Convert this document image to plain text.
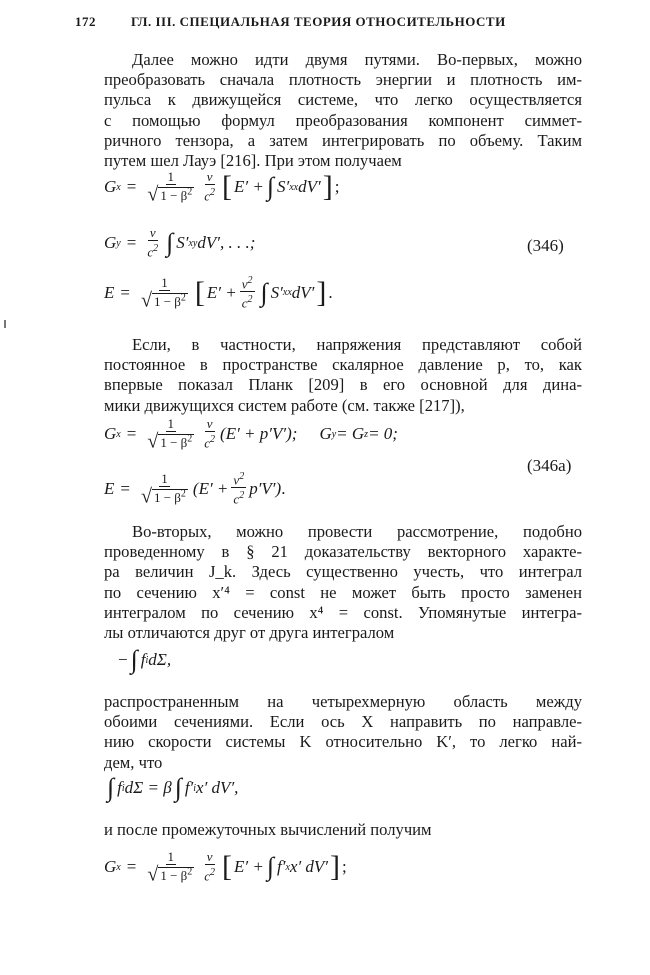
172	ГЛ. III. СПЕЦИАЛЬНАЯ ТЕОРИЯ ОТНОСИТЕЛЬНОСТИ
Далее можно идти двумя путями. Во-первых, можно
преобразовать сначала плотность энергии и плотность им-
пульса к движущейся системе, что легко осуществляется
с помощью формул преобразования компонент симмет-
ричного тензора, а затем интегрировать по объему. Таким
путем шел Лауэ [216]. При этом получаем
G $x = \frac{1}{√ 1 - \beta^2} \frac{v}{c^2}$ [ E′ + ∫ S′ xx dV′ ] ;
G $y = \frac{v}{c^2}$ ∫ S′ xy dV′, . . .;	(346)
$E = \frac{1}{√ 1 - \beta^2}$ [ $E' + \frac{v^2}{c^2}$ ∫ S′ xx dV′ ] .
Если, в частности, напряжения представляют собой
постоянное в пространстве скалярное давление p, то, как
впервые показал Планк [209] в его основной для дина-
мики движущихся систем работе (см. также [217]),
G $x = \frac{1}{√ 1 - \beta^2} \frac{v}{c^2} (E' + p'V')$; G y = G z = 0;
(346a)
$E = \frac{1}{√ 1 - \beta^2} (E' + \frac{v^2}{c^2} p'V')$ .
Во-вторых, можно провести рассмотрение, подобно
проведенному в § 21 доказательству векторного характе-
ра величин J_k. Здесь существенно учесть, что интеграл
по сечению x′⁴ = const не может быть просто заменен
интегралом по сечению x⁴ = const. Упомянутые интегра-
лы отличаются друг от друга интегралом
− ∫ f i dΣ,
распространенным на четырехмерную область между
обоими сечениями. Если ось X направить по направле-
нию скорости системы K относительно K′, то легко най-
дем, что
∫ f i dΣ = β ∫ f′ i x′ dV′,
и после промежуточных вычислений получим
G $x = \frac{1}{√ 1 - \beta^2} \frac{v}{c^2}$ [ E′ + ∫ f′ x x′ dV′ ] ;
